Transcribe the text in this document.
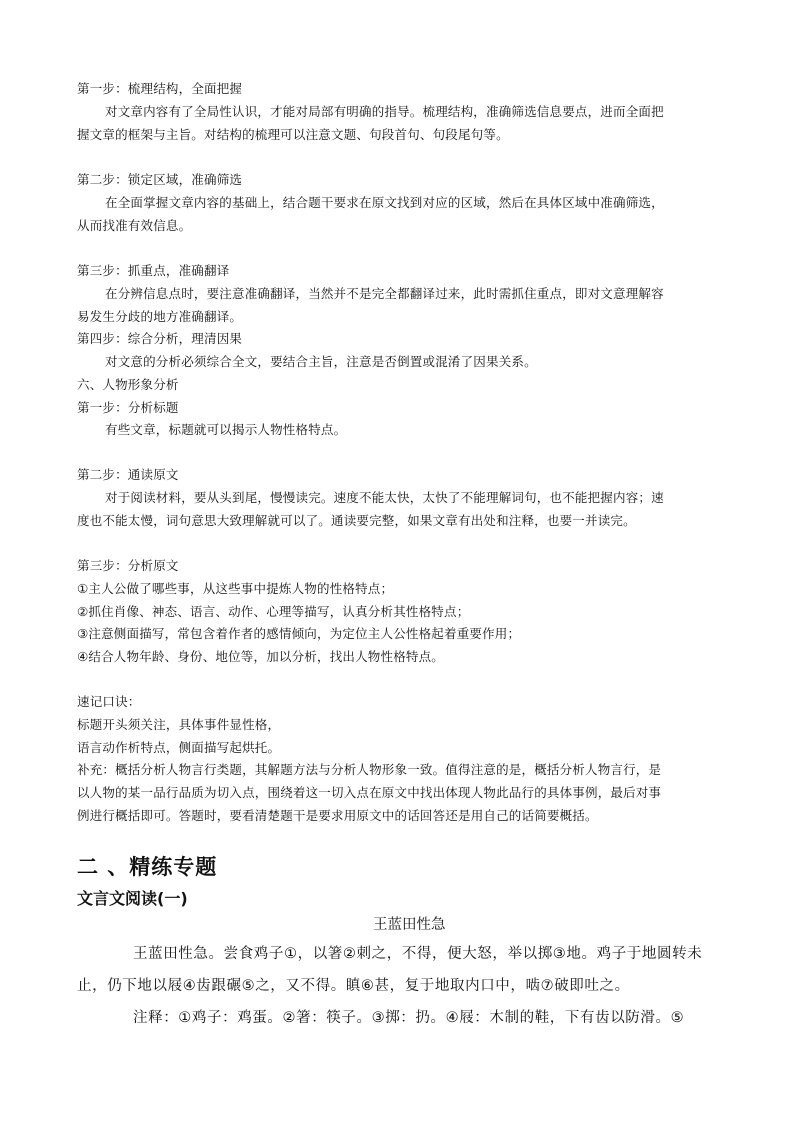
第一步：梳理结构，全面把握
对文章内容有了全局性认识，才能对局部有明确的指导。梳理结构，准确筛选信息要点，进而全面把
握文章的框架与主旨。对结构的梳理可以注意文题、句段首句、句段尾句等。
第二步：锁定区域，准确筛选
在全面掌握文章内容的基础上，结合题干要求在原文找到对应的区域，然后在具体区域中准确筛选，
从而找准有效信息。
第三步：抓重点，准确翻译
在分辨信息点时，要注意准确翻译，当然并不是完全都翻译过来，此时需抓住重点，即对文意理解容
易发生分歧的地方准确翻译。
第四步：综合分析，理清因果
对文意的分析必须综合全文，要结合主旨，注意是否倒置或混淆了因果关系。
六、人物形象分析
第一步：分析标题
有些文章，标题就可以揭示人物性格特点。
第二步：通读原文
对于阅读材料，要从头到尾，慢慢读完。速度不能太快，太快了不能理解词句，也不能把握内容；速
度也不能太慢，词句意思大致理解就可以了。通读要完整，如果文章有出处和注释，也要一并读完。
第三步：分析原文
①主人公做了哪些事，从这些事中提炼人物的性格特点；
②抓住肖像、神态、语言、动作、心理等描写，认真分析其性格特点；
③注意侧面描写，常包含着作者的感情倾向，为定位主人公性格起着重要作用；
④结合人物年龄、身份、地位等，加以分析，找出人物性格特点。
速记口诀：
标题开头须关注，具体事件显性格，
语言动作析特点，侧面描写起烘托。
补充：概括分析人物言行类题，其解题方法与分析人物形象一致。值得注意的是，概括分析人物言行，是
以人物的某一品行品质为切入点，围绕着这一切入点在原文中找出体现人物此品行的具体事例，最后对事
例进行概括即可。答题时，要看清楚题干是要求用原文中的话回答还是用自己的话简要概括。
二 、精练专题
文言文阅读(一)
王蓝田性急
王蓝田性急。尝食鸡子①，以箸②刺之，不得，便大怒，举以掷③地。鸡子于地圆转未
止，仍下地以屐④齿跟碾⑤之，又不得。瞋⑥甚，复于地取内口中，啮⑦破即吐之。
注释：①鸡子：鸡蛋。②箸：筷子。③掷：扔。④屐：木制的鞋，下有齿以防滑。⑤
